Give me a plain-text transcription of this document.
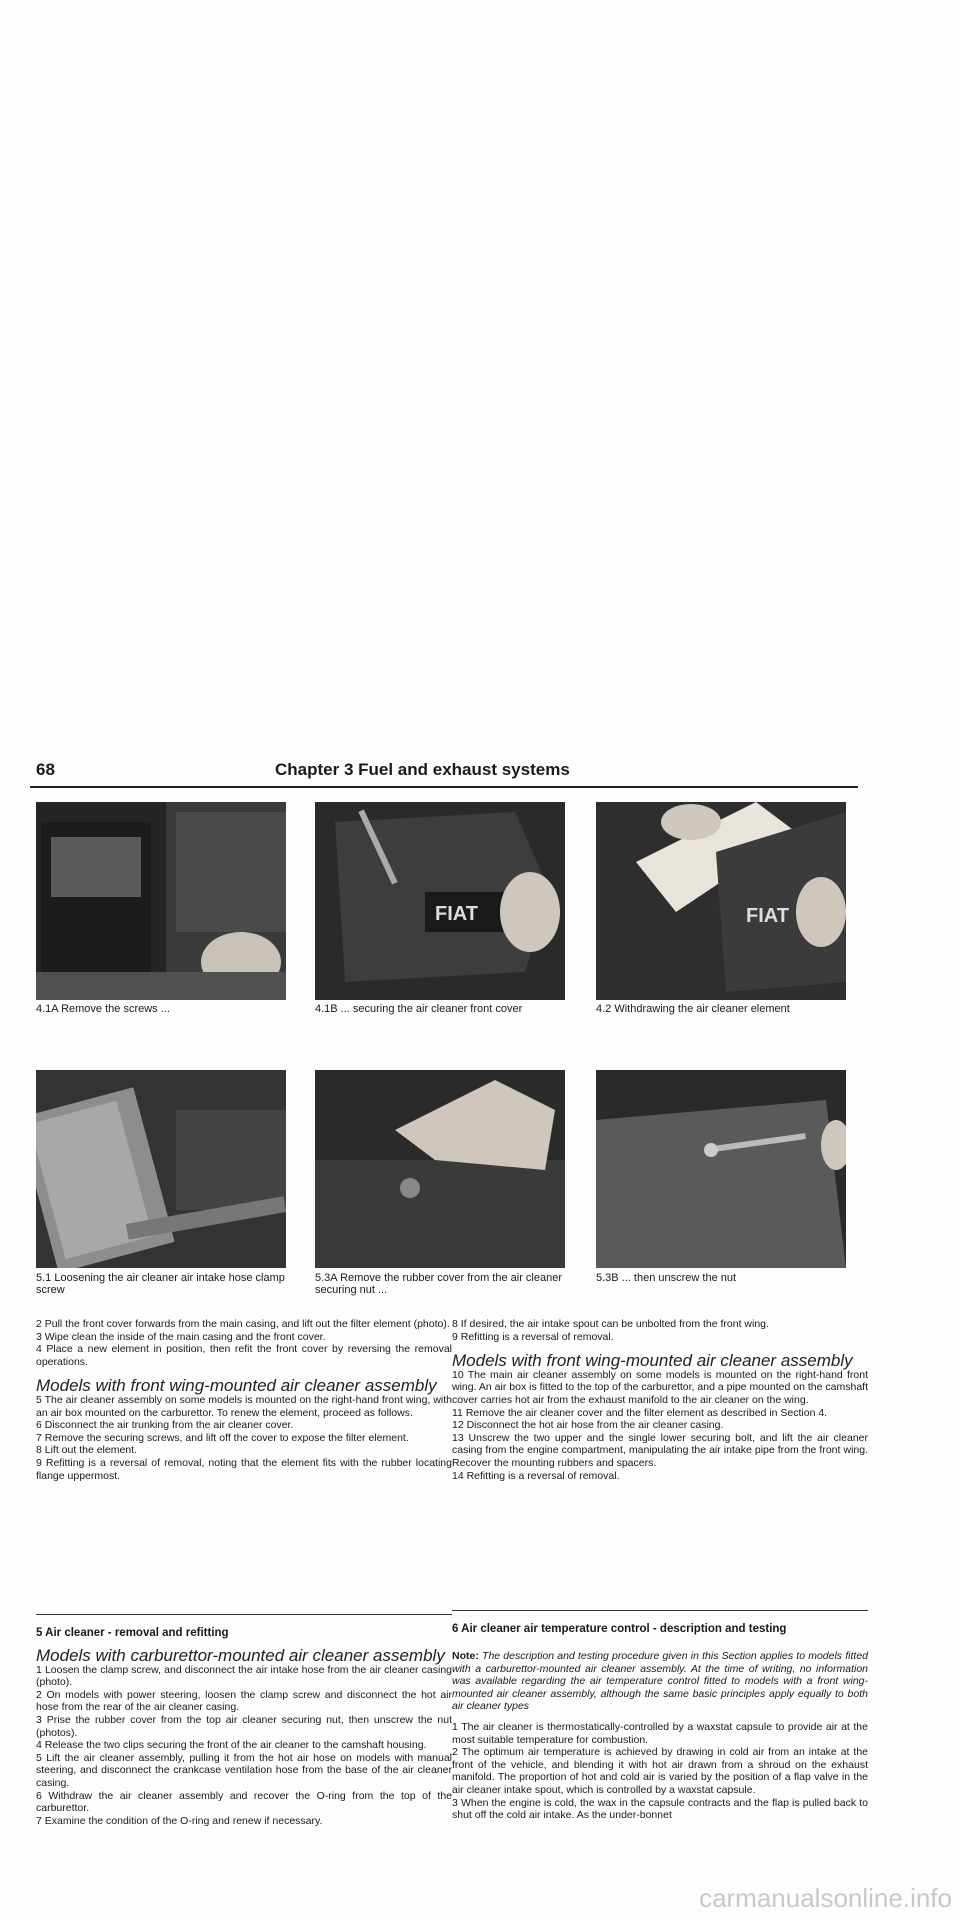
68	Chapter 3 Fuel and exhaust systems
FIAT	FIAT
4.1A Remove the screws ...	4.1B ... securing the air cleaner front cover	4.2 Withdrawing the air cleaner element
5.1 Loosening the air cleaner air intake hose clamp screw
5.3A Remove the rubber cover from the air cleaner securing nut ...
5.3B ... then unscrew the nut

2 Pull the front cover forwards from the main casing, and lift out the filter element (photo).

3 Wipe clean the inside of the main casing and the front cover.

4 Place a new element in position, then refit the front cover by reversing the removal operations.

Models with front wing-mounted air cleaner assembly

5 The air cleaner assembly on some models is mounted on the right-hand front wing, with an air box mounted on the carburettor. To renew the element, proceed as follows.

6 Disconnect the air trunking from the air cleaner cover.

7 Remove the securing screws, and lift off the cover to expose the filter element.

8 Lift out the element.

9 Refitting is a reversal of removal, noting that the element fits with the rubber locating flange uppermost.

8 If desired, the air intake spout can be unbolted from the front wing.

9 Refitting is a reversal of removal.

Models with front wing-mounted air cleaner assembly

10 The main air cleaner assembly on some models is mounted on the right-hand front wing. An air box is fitted to the top of the carburettor, and a pipe mounted on the camshaft cover carries hot air from the exhaust manifold to the air cleaner on the wing.

11 Remove the air cleaner cover and the filter element as described in Section 4.

12 Disconnect the hot air hose from the air cleaner casing.

13 Unscrew the two upper and the single lower securing bolt, and lift the air cleaner casing from the engine compartment, manipulating the air intake pipe from the front wing. Recover the mounting rubbers and spacers.

14 Refitting is a reversal of removal.

5 Air cleaner - removal and refitting	6 Air cleaner air temperature control - description and testing
Models with carburettor-mounted air cleaner assembly

1 Loosen the clamp screw, and disconnect the air intake hose from the air cleaner casing (photo).

2 On models with power steering, loosen the clamp screw and disconnect the hot air hose from the rear of the air cleaner casing.

3 Prise the rubber cover from the top air cleaner securing nut, then unscrew the nut (photos).

4 Release the two clips securing the front of the air cleaner to the camshaft housing.

5 Lift the air cleaner assembly, pulling it from the hot air hose on models with manual steering, and disconnect the crankcase ventilation hose from the base of the air cleaner casing.

6 Withdraw the air cleaner assembly and recover the O-ring from the top of the carburettor.

7 Examine the condition of the O-ring and renew if necessary.

Note: The description and testing procedure given in this Section applies to models fitted with a carburettor-mounted air cleaner assembly. At the time of writing, no information was available regarding the air temperature control fitted to models with a front wing-mounted air cleaner assembly, although the same basic principles apply equally to both air cleaner types

1 The air cleaner is thermostatically-controlled by a waxstat capsule to provide air at the most suitable temperature for combustion.

2 The optimum air temperature is achieved by drawing in cold air from an intake at the front of the vehicle, and blending it with hot air drawn from a shroud on the exhaust manifold. The proportion of hot and cold air is varied by the position of a flap valve in the air cleaner intake spout, which is controlled by a waxstat capsule.

3 When the engine is cold, the wax in the capsule contracts and the flap is pulled back to shut off the cold air intake. As the under-bonnet

carmanualsonline.info
